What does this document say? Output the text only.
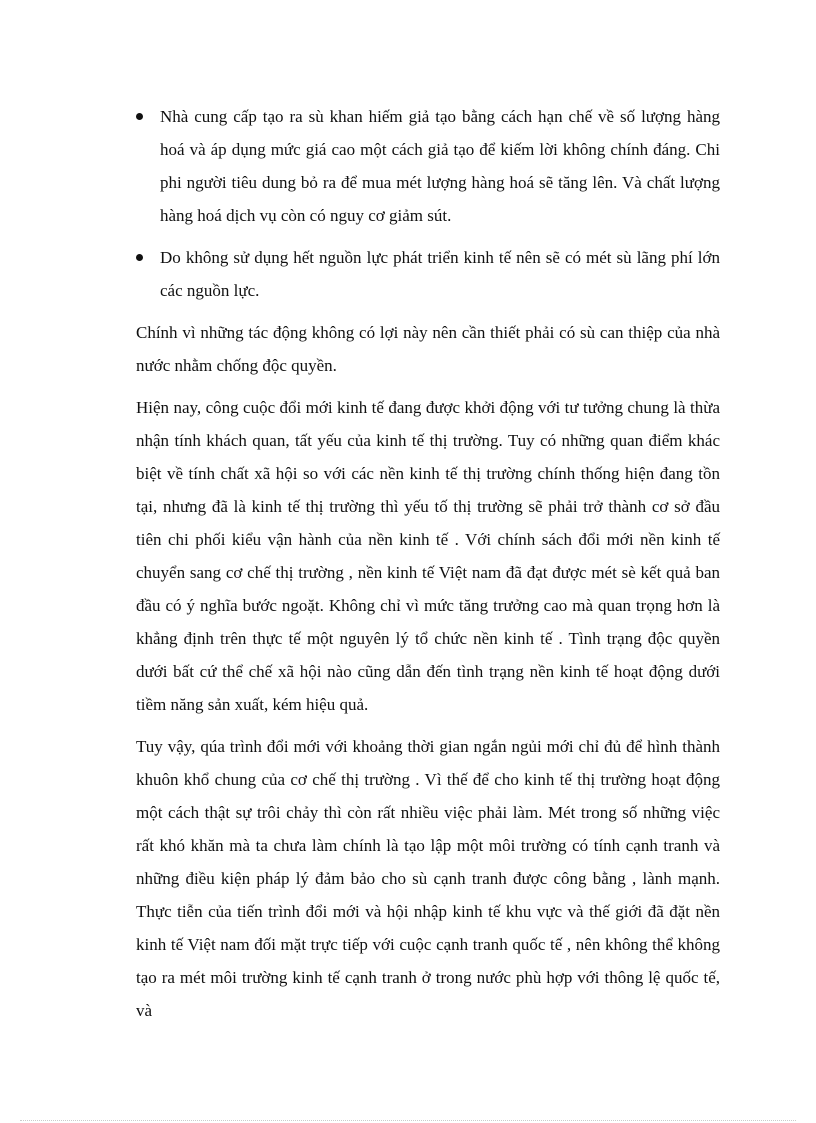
Nhà cung cấp tạo ra sù khan hiếm giả tạo bằng cách hạn chế về số lượng hàng hoá và áp dụng mức giá cao một cách giả tạo để kiếm lời không chính đáng. Chi phi người tiêu dung bỏ ra để mua mét lượng hàng hoá sẽ tăng lên. Và chất lượng hàng hoá dịch vụ còn có nguy cơ giảm sút.
Do không sử dụng hết nguồn lực phát triển kinh tế nên sẽ có mét sù lãng phí lớn các nguồn lực.

Chính vì những tác động không có lợi này nên cần thiết phải có sù can thiệp của nhà nước nhằm chống độc quyền.

Hiện nay, công cuộc đổi mới kinh tế đang được khởi động với tư tưởng chung là thừa nhận tính khách quan, tất yếu của kinh tế thị trường. Tuy có những quan điểm khác biệt về tính chất xã hội so với các nền kinh tế thị trường chính thống hiện đang tồn tại, nhưng đã là kinh tế thị trường thì yếu tố thị trường sẽ phải trở thành cơ sở đầu tiên chi phối kiểu vận hành của nền kinh tế . Với chính sách đổi mới nền kinh tế chuyển sang cơ chế thị trường , nền kinh tế Việt nam đã đạt được mét sè kết quả ban đầu có ý nghĩa bước ngoặt. Không chỉ vì mức tăng trưởng cao mà quan trọng hơn là khẳng định trên thực tế một nguyên lý tổ chức nền kinh tế . Tình trạng độc quyền dưới bất cứ thể chế xã hội nào cũng dẫn đến tình trạng nền kinh tế hoạt động dưới tiềm năng sản xuất, kém hiệu quả.

Tuy vậy, qúa trình đổi mới với khoảng thời gian ngắn ngủi mới chỉ đủ để hình thành khuôn khổ chung của cơ chế thị trường . Vì thế để cho kinh tế thị trường hoạt động một cách thật sự trôi chảy thì còn rất nhiều việc phải làm. Mét trong số những việc rất khó khăn mà ta chưa làm chính là tạo lập một môi trường có tính cạnh tranh và những điều kiện pháp lý đảm bảo cho sù cạnh tranh được công bằng , lành mạnh. Thực tiễn của tiến trình đổi mới và hội nhập kinh tế khu vực và thế giới đã đặt nền kinh tế Việt nam đối mặt trực tiếp với cuộc cạnh tranh quốc tế , nên không thể không tạo ra mét môi trường kinh tế cạnh tranh ở trong nước phù hợp với thông lệ quốc tế, và
